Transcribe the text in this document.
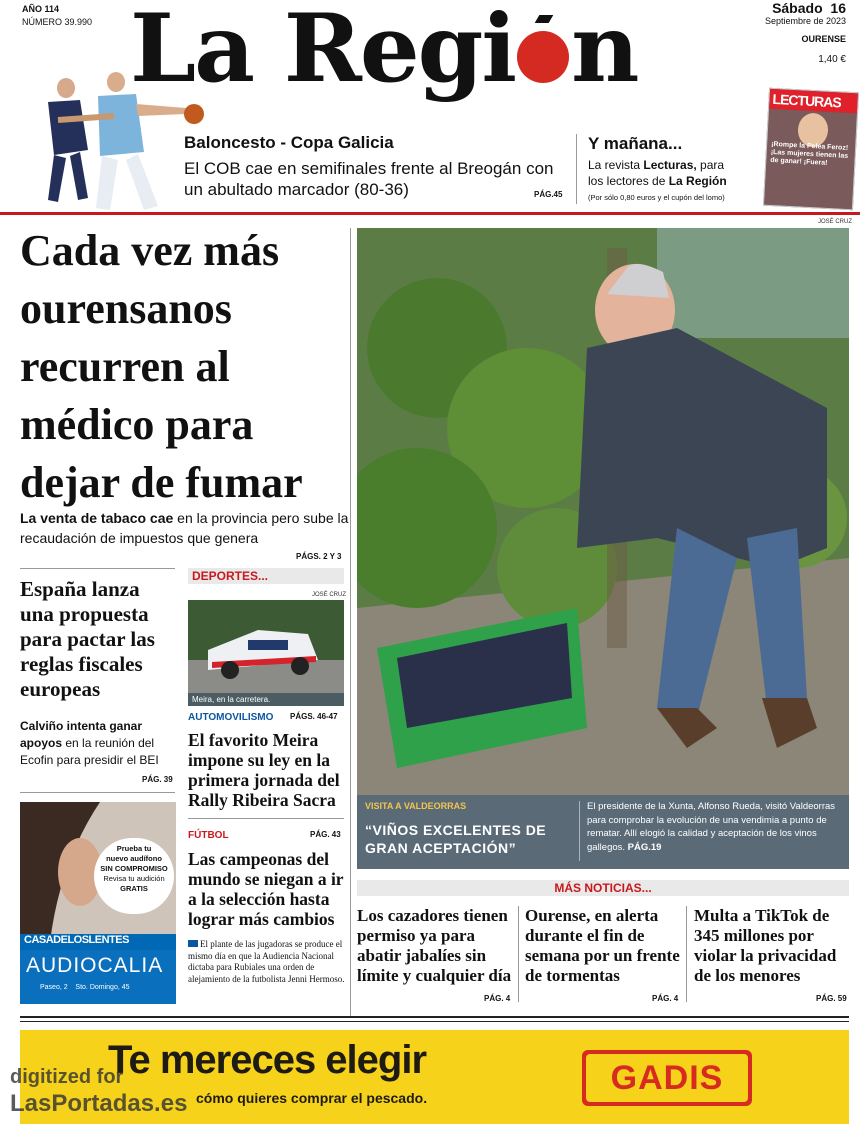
AÑO 114
NÚMERO 39.990 La Regi n	Sábado 16
Septiembre de 2023
OURENSE
1,40 €
Baloncesto - Copa Galicia
El COB cae en semifinales frente al Breogán con un abultado marcador (80-36)	PÁG.45
Y mañana...
La revista Lecturas, para
los lectores de La Región
(Por sólo 0,80 euros y el cupón del lomo)
LECTURAS
¡Rompe la Pelea Feroz! ¡Las mujeres tienen las de ganar! ¡Fuera!
Cada vez más ourensanos recurren al médico para dejar de fumar
La venta de tabaco cae en la provincia pero sube la recaudación de impuestos que genera
PÁGS. 2 Y 3
JOSÉ CRUZ
VISITA A VALDEORRAS
“VIÑOS EXCELENTES DE GRAN ACEPTACIÓN”
El presidente de la Xunta, Alfonso Rueda, visitó Valdeorras para comprobar la evolución de una vendimia a punto de rematar. Allí elogió la calidad y aceptación de los vinos gallegos. PÁG.19
España lanza una propuesta para pactar las reglas fiscales europeas
Calviño intenta ganar apoyos en la reunión del Ecofin para presidir el BEI
PÁG. 39
Prueba tu
nuevo audífono
SIN COMPROMISO
Revisa tu audición
GRATIS
CASADELOSLENTES
AUDIOCALIA
Paseo, 2 Sto. Domingo, 45
DEPORTES...
JOSÉ CRUZ
Meira, en la carretera.
AUTOMOVILISMO PÁGS. 46-47
El favorito Meira impone su ley en la primera jornada del Rally Ribeira Sacra
FÚTBOL	PÁG. 43
Las campeonas del mundo se niegan a ir a la selección hasta lograr más cambios
El plante de las jugadoras se produce el mismo día en que la Audiencia Nacional dictaba para Rubiales una orden de alejamiento de la futbolista Jenni Hermoso.
MÁS NOTICIAS...
Los cazadores tienen permiso ya para abatir jabalíes sin límite y cualquier día
PÁG. 4
Ourense, en alerta durante el fin de semana por un frente de tormentas
PÁG. 4
Multa a TikTok de 345 millones por violar la privacidad de los menores
PÁG. 59
Te mereces elegir
cómo quieres comprar el pescado.
GADIS
digitized for
LasPortadas.es
